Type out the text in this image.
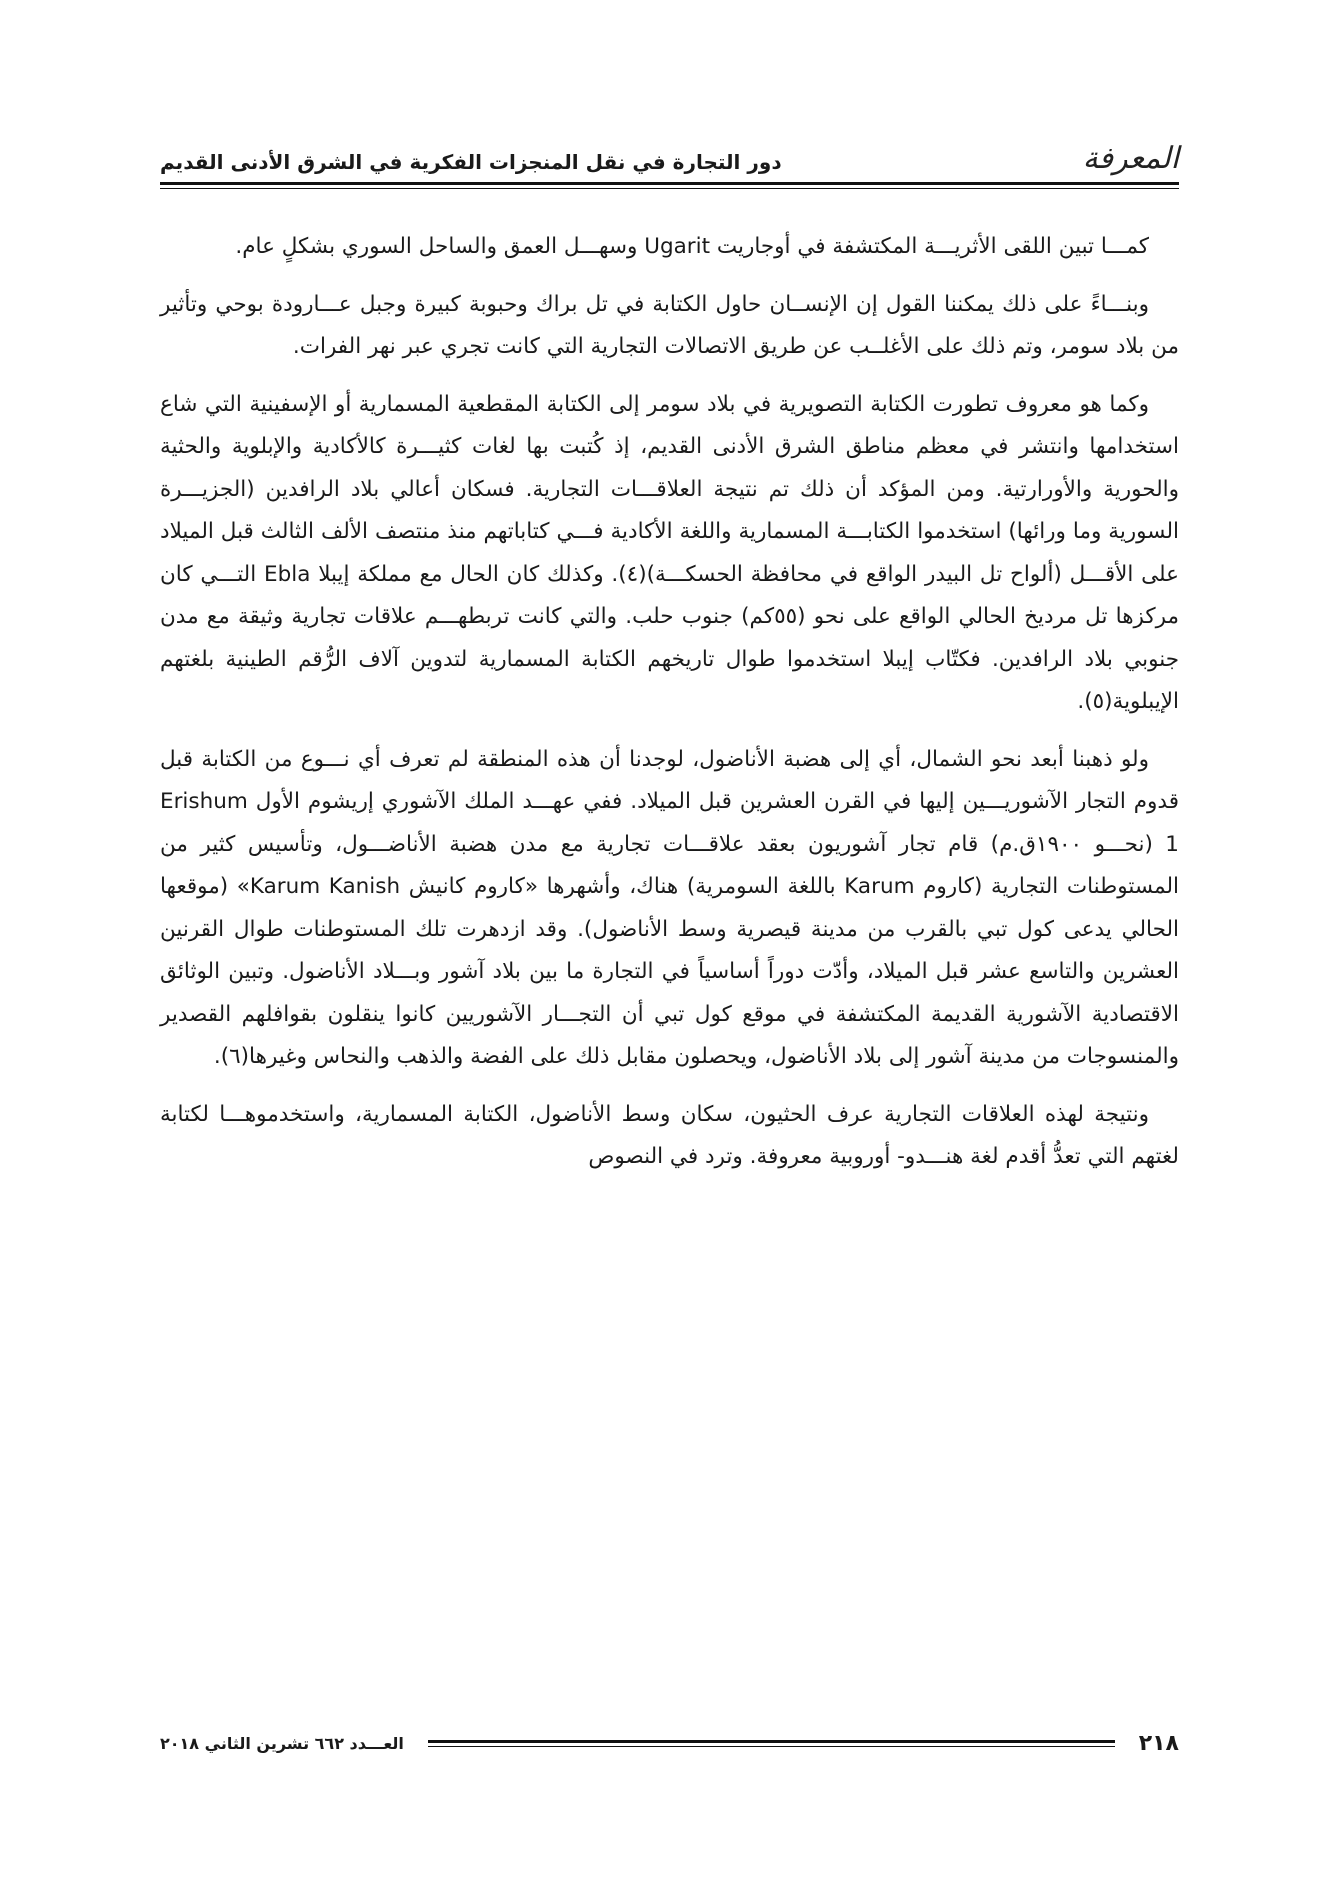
المعرفة
دور التجارة في نقل المنجزات الفكرية في الشرق الأدنى القديم

كمـــا تبين اللقى الأثريـــة المكتشفة في أوجاريت Ugarit وسهـــل العمق والساحل السوري بشكلٍ عام.

وبنـــاءً على ذلك يمكننا القول إن الإنســان حاول الكتابة في تل براك وحبوبة كبيرة وجبل عـــارودة بوحي وتأثير من بلاد سومر، وتم ذلك على الأغلــب عن طريق الاتصالات التجارية التي كانت تجري عبر نهر الفرات.

وكما هو معروف تطورت الكتابة التصويرية في بلاد سومر إلى الكتابة المقطعية المسمارية أو الإسفينية التي شاع استخدامها وانتشر في معظم مناطق الشرق الأدنى القديم، إذ كُتبت بها لغات كثيـــرة كالأكادية والإبلوية والحثية والحورية والأورارتية. ومن المؤكد أن ذلك تم نتيجة العلاقـــات التجارية. فسكان أعالي بلاد الرافدين (الجزيـــرة السورية وما ورائها) استخدموا الكتابـــة المسمارية واللغة الأكادية فـــي كتاباتهم منذ منتصف الألف الثالث قبل الميلاد على الأقـــل (ألواح تل البيدر الواقع في محافظة الحسكـــة)(٤). وكذلك كان الحال مع مملكة إيبلا Ebla التـــي كان مركزها تل مرديخ الحالي الواقع على نحو (٥٥كم) جنوب حلب. والتي كانت تربطهـــم علاقات تجارية وثيقة مع مدن جنوبي بلاد الرافدين. فكتّاب إيبلا استخدموا طوال تاريخهم الكتابة المسمارية لتدوين آلاف الرُّقم الطينية بلغتهم الإيبلوية(٥).

ولو ذهبنا أبعد نحو الشمال، أي إلى هضبة الأناضول، لوجدنا أن هذه المنطقة لم تعرف أي نـــوع من الكتابة قبل قدوم التجار الآشوريـــين إليها في القرن العشرين قبل الميلاد. ففي عهـــد الملك الآشوري إريشوم الأول Erishum 1 (نحـــو ١٩٠٠ق.م) قام تجار آشوريون بعقد علاقـــات تجارية مع مدن هضبة الأناضـــول، وتأسيس كثير من المستوطنات التجارية (كاروم Karum باللغة السومرية) هناك، وأشهرها «كاروم كانيش Karum Kanish» (موقعها الحالي يدعى كول تبي بالقرب من مدينة قيصرية وسط الأناضول). وقد ازدهرت تلك المستوطنات طوال القرنين العشرين والتاسع عشر قبل الميلاد، وأدّت دوراً أساسياً في التجارة ما بين بلاد آشور وبـــلاد الأناضول. وتبين الوثائق الاقتصادية الآشورية القديمة المكتشفة في موقع كول تبي أن التجـــار الآشوريين كانوا ينقلون بقوافلهم القصدير والمنسوجات من مدينة آشور إلى بلاد الأناضول، ويحصلون مقابل ذلك على الفضة والذهب والنحاس وغيرها(٦).

ونتيجة لهذه العلاقات التجارية عرف الحثيون، سكان وسط الأناضول، الكتابة المسمارية، واستخدموهـــا لكتابة لغتهم التي تعدُّ أقدم لغة هنـــدو- أوروبية معروفة. وترد في النصوص

٢١٨
العـــدد ٦٦٢ تشرين الثاني ٢٠١٨
